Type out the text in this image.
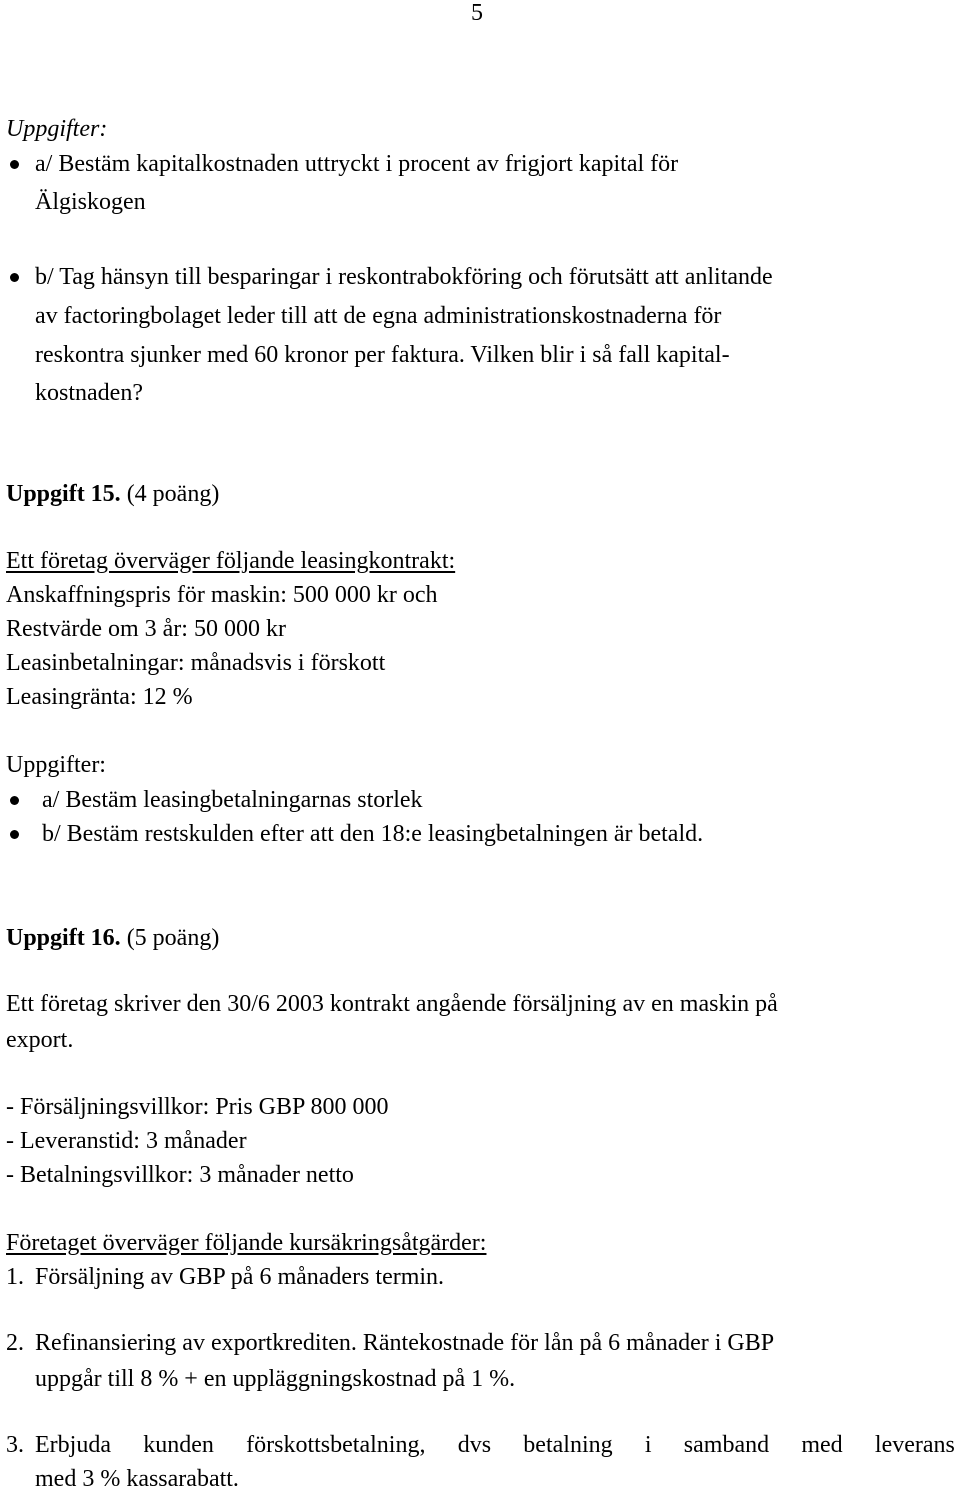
5
Uppgifter:
a/ Bestäm kapitalkostnaden uttryckt i procent av frigjort kapital för
Älgiskogen
b/ Tag hänsyn till besparingar i reskontrabokföring och förutsätt att anlitande
av factoringbolaget leder till att de egna administrationskostnaderna för
reskontra sjunker med 60 kronor per faktura. Vilken blir i så fall kapital-
kostnaden?
Uppgift 15. (4 poäng)
Ett företag överväger följande leasingkontrakt:
Anskaffningspris för maskin: 500 000 kr och
Restvärde om 3 år: 50 000 kr
Leasinbetalningar: månadsvis i förskott
Leasingränta: 12 %
Uppgifter:
a/ Bestäm leasingbetalningarnas storlek
b/ Bestäm restskulden efter att den 18:e leasingbetalningen är betald.
Uppgift 16. (5 poäng)
Ett företag skriver den 30/6 2003 kontrakt angående försäljning av en maskin på
export.
- Försäljningsvillkor: Pris GBP 800 000
- Leveranstid: 3 månader
- Betalningsvillkor: 3 månader netto
Företaget överväger följande kursäkringsåtgärder:
1. Försäljning av GBP på 6 månaders termin.
2. Refinansiering av exportkrediten. Räntekostnade för lån på 6 månader i GBP
uppgår till 8 % + en uppläggningskostnad på 1 %.
3. Erbjuda kunden förskottsbetalning, dvs betalning i samband med leverans
med 3 % kassarabatt.
